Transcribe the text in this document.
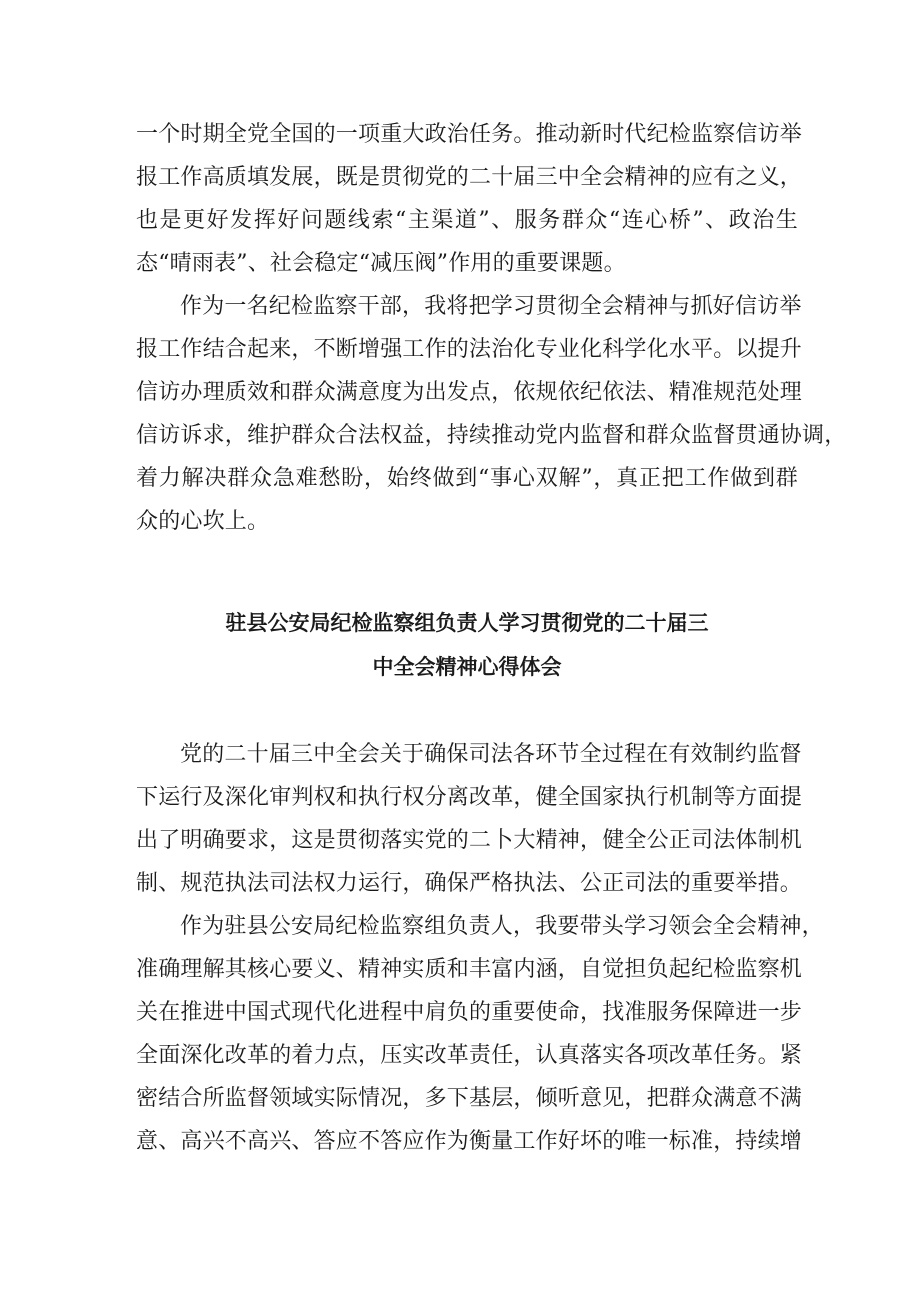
一个时期全党全国的一项重大政治任务。推动新时代纪检监察信访举
报工作高质填发展，既是贯彻党的二十届三中全会精神的应有之义，
也是更好发挥好问题线索“主渠道”、服务群众“连心桥”、政治生
态“晴雨表”、社会稳定“减压阀”作用的重要课题。
作为一名纪检监察干部，我将把学习贯彻全会精神与抓好信访举
报工作结合起来，不断增强工作的法治化专业化科学化水平。以提升
信访办理质效和群众满意度为出发点，依规依纪依法、精准规范处理
信访诉求，维护群众合法权益，持续推动党内监督和群众监督贯通协调，
着力解决群众急难愁盼，始终做到“事心双解”，真正把工作做到群
众的心坎上。
驻县公安局纪检监察组负责人学习贯彻党的二十届三
中全会精神心得体会
党的二十届三中全会关于确保司法各环节全过程在有效制约监督
下运行及深化审判权和执行权分离改革，健全国家执行机制等方面提
出了明确要求，这是贯彻落实党的二卜大精神，健全公正司法体制机
制、规范执法司法权力运行，确保严格执法、公正司法的重要举措。
作为驻县公安局纪检监察组负责人，我要带头学习领会全会精神，
准确理解其核心要义、精神实质和丰富内涵，自觉担负起纪检监察机
关在推进中国式现代化进程中肩负的重要使命，找准服务保障进一步
全面深化改革的着力点，压实改革责任，认真落实各项改革任务。紧
密结合所监督领域实际情况，多下基层，倾听意见，把群众满意不满
意、高兴不高兴、答应不答应作为衡量工作好坏的唯一标准，持续增
